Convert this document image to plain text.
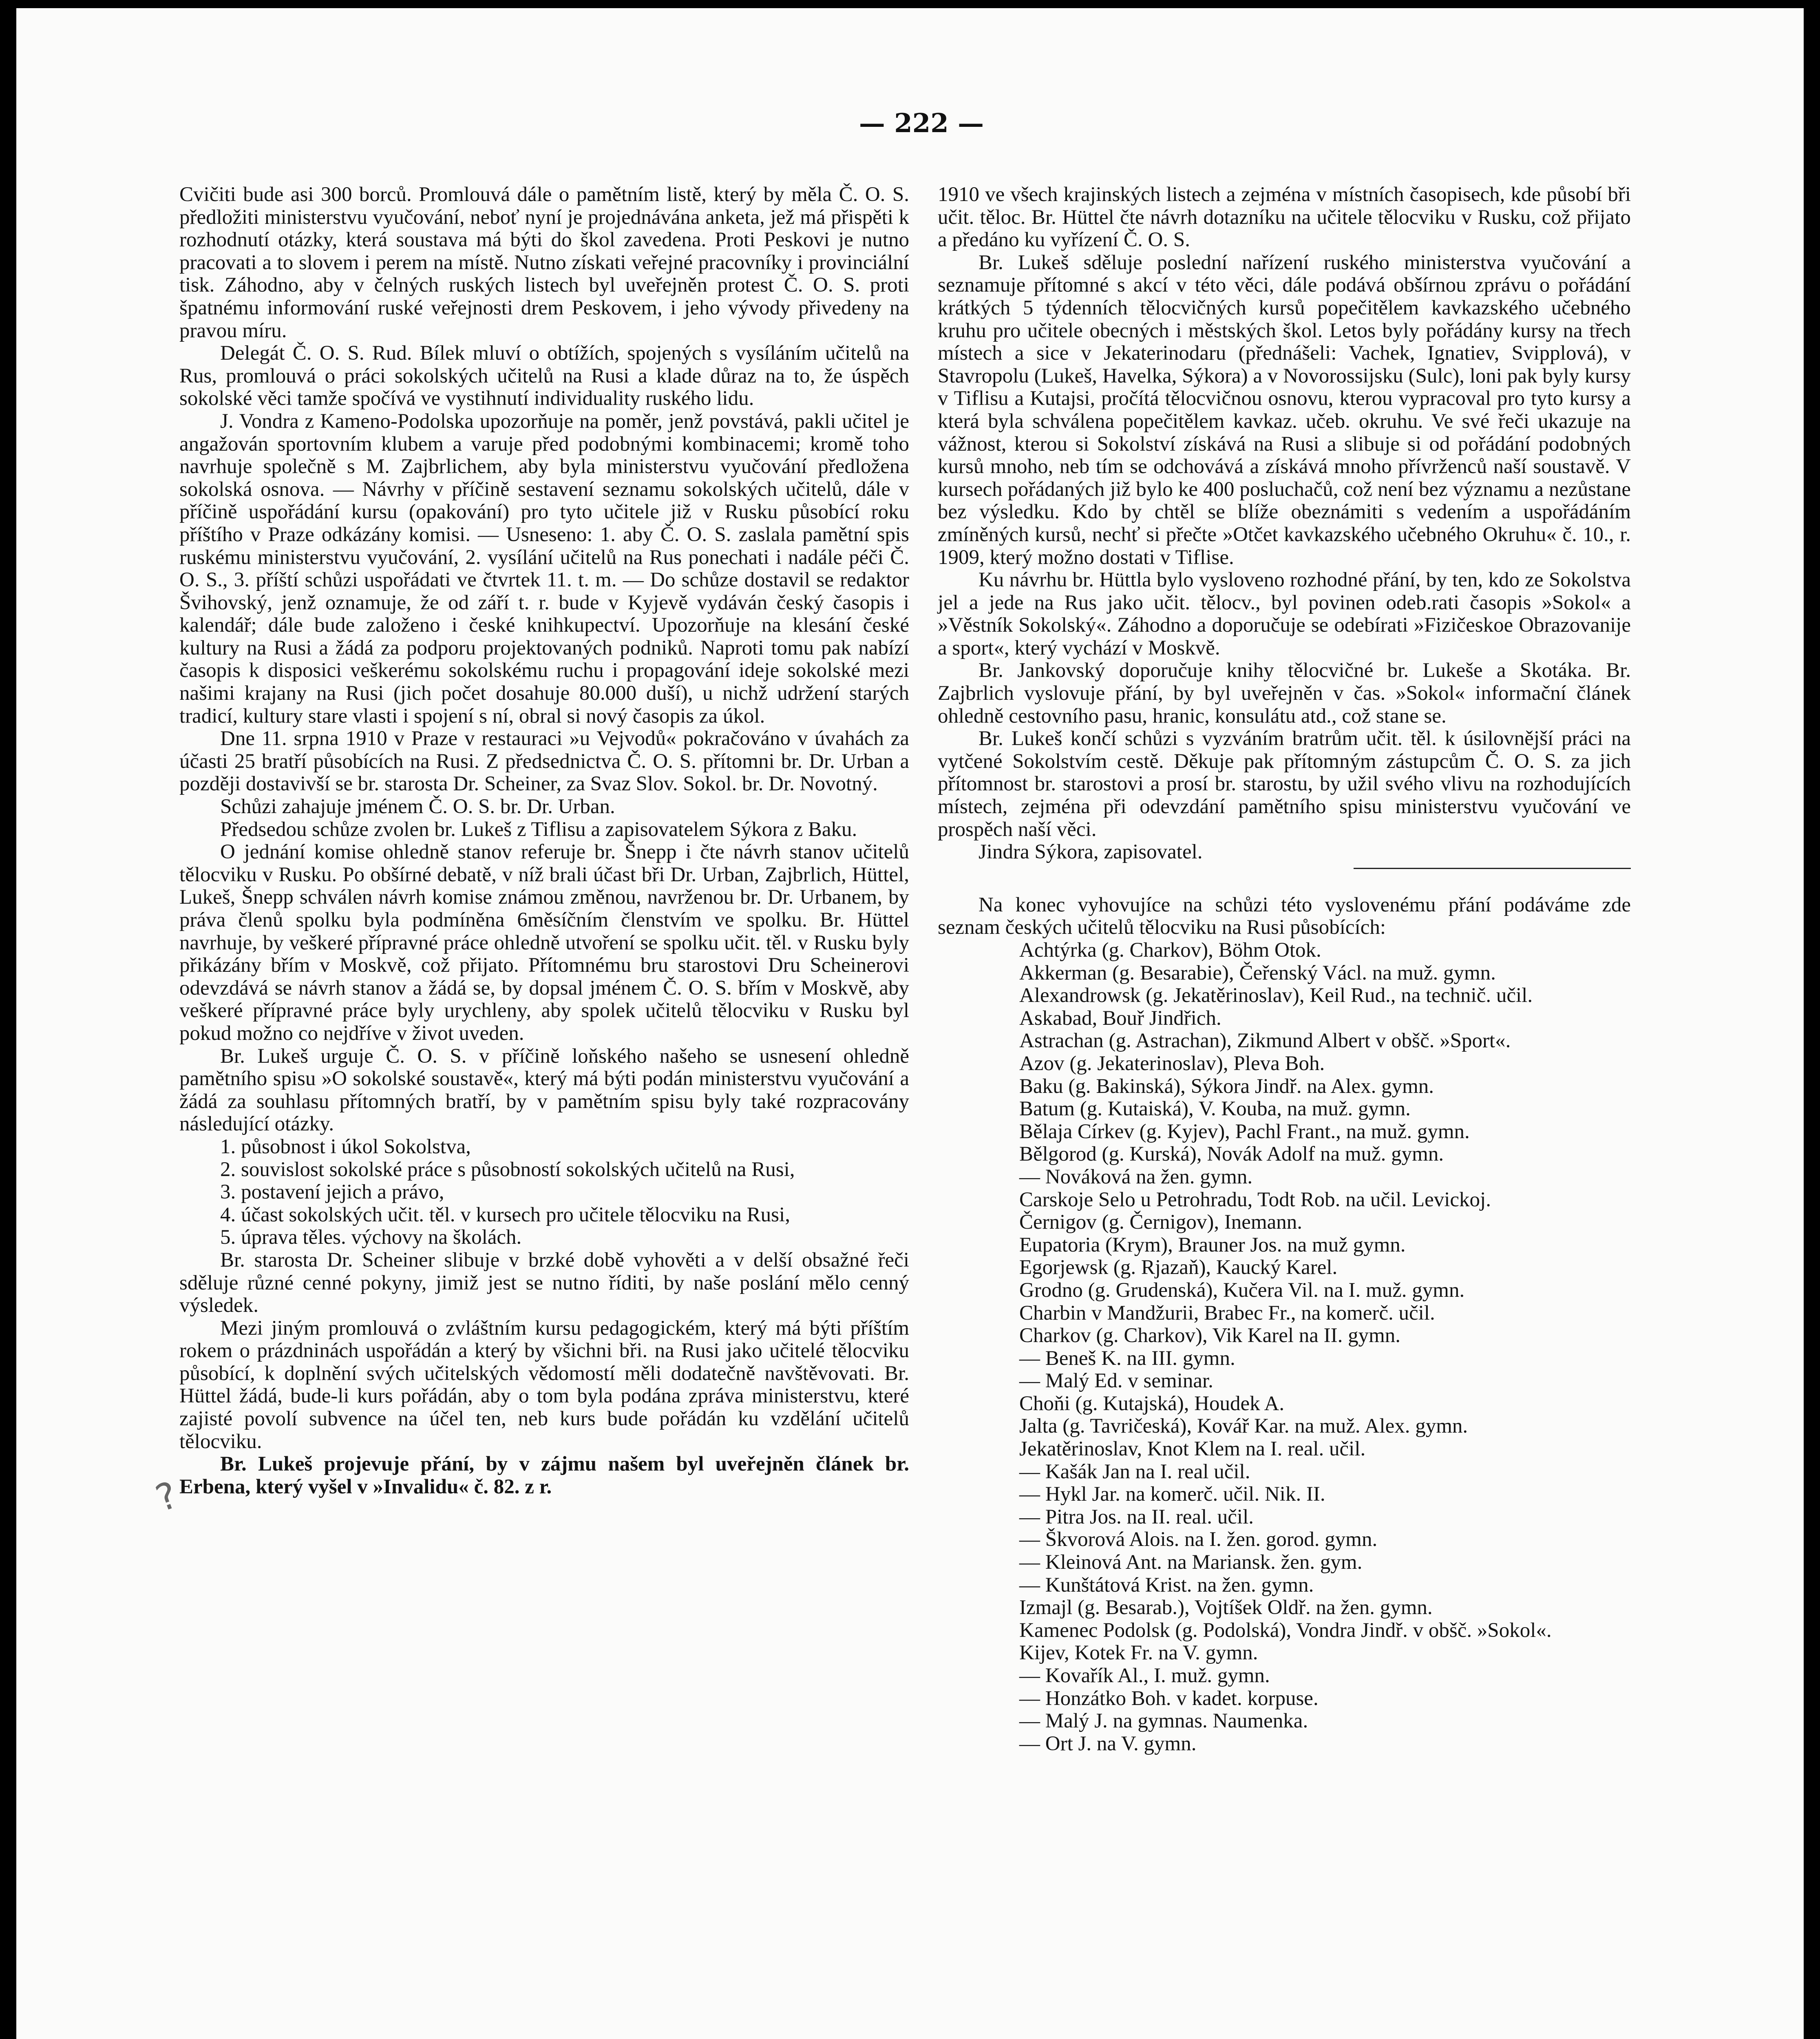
— 222 —
?

Cvičiti bude asi 300 borců. Promlouvá dále o pamětním listě, který by měla Č. O. S. předložiti ministerstvu vyučování, neboť nyní je projednávána anketa, jež má přispěti k rozhodnutí otázky, která soustava má býti do škol zavedena. Proti Peskovi je nutno pracovati a to slovem i perem na místě. Nutno získati veřejné pracovníky i provinciální tisk. Záhodno, aby v čelných ruských listech byl uveřejněn protest Č. O. S. proti špatnému informování ruské veřejnosti drem Peskovem, i jeho vývody přivedeny na pravou míru.

Delegát Č. O. S. Rud. Bílek mluví o obtížích, spojených s vysíláním učitelů na Rus, promlouvá o práci sokolských učitelů na Rusi a klade důraz na to, že úspěch sokolské věci tamže spočívá ve vystihnutí individuality ruského lidu.

J. Vondra z Kameno-Podolska upozorňuje na poměr, jenž povstává, pakli učitel je angažován sportovním klubem a varuje před podobnými kombinacemi; kromě toho navrhuje společně s M. Zajbrlichem, aby byla ministerstvu vyučování předložena sokolská osnova. — Návrhy v příčině sestavení seznamu sokolských učitelů, dále v příčině uspořádání kursu (opakování) pro tyto učitele již v Rusku působící roku příštího v Praze odkázány komisi. — Usneseno: 1. aby Č. O. S. zaslala pamětní spis ruskému ministerstvu vyučování, 2. vysílání učitelů na Rus ponechati i nadále péči Č. O. S., 3. příští schůzi uspořádati ve čtvrtek 11. t. m. — Do schůze dostavil se redaktor Švihovský, jenž oznamuje, že od září t. r. bude v Kyjevě vydáván český časopis i kalendář; dále bude založeno i české knihkupectví. Upozorňuje na klesání české kultury na Rusi a žádá za podporu projektovaných podniků. Naproti tomu pak nabízí časopis k disposici veškerému sokolskému ruchu i propagování ideje sokolské mezi našimi krajany na Rusi (jich počet dosahuje 80.000 duší), u nichž udržení starých tradicí, kultury stare vlasti i spojení s ní, obral si nový časopis za úkol.

Dne 11. srpna 1910 v Praze v restauraci »u Vejvodů« pokračováno v úvahách za účasti 25 bratří působících na Rusi. Z předsednictva Č. O. S. přítomni br. Dr. Urban a později dostavivší se br. starosta Dr. Scheiner, za Svaz Slov. Sokol. br. Dr. Novotný.

Schůzi zahajuje jménem Č. O. S. br. Dr. Urban.

Předsedou schůze zvolen br. Lukeš z Tiflisu a zapisovatelem Sýkora z Baku.

O jednání komise ohledně stanov referuje br. Šnepp i čte návrh stanov učitelů tělocviku v Rusku. Po obšírné debatě, v níž brali účast bři Dr. Urban, Zajbrlich, Hüttel, Lukeš, Šnepp schválen návrh komise známou změnou, navrženou br. Dr. Urbanem, by práva členů spolku byla podmíněna 6měsíčním členstvím ve spolku. Br. Hüttel navrhuje, by veškeré přípravné práce ohledně utvoření se spolku učit. těl. v Rusku byly přikázány břím v Moskvě, což přijato. Přítomnému bru starostovi Dru Scheinerovi odevzdává se návrh stanov a žádá se, by dopsal jménem Č. O. S. břím v Moskvě, aby veškeré přípravné práce byly urychleny, aby spolek učitelů tělocviku v Rusku byl pokud možno co nejdříve v život uveden.

Br. Lukeš urguje Č. O. S. v příčině loňského našeho se usnesení ohledně pamětního spisu »O sokolské soustavě«, který má býti podán ministerstvu vyučování a žádá za souhlasu přítomných bratří, by v pamětním spisu byly také rozpracovány následující otázky.

1. působnost i úkol Sokolstva,

2. souvislost sokolské práce s působností sokolských učitelů na Rusi,

3. postavení jejich a právo,

4. účast sokolských učit. těl. v kursech pro učitele tělocviku na Rusi,

5. úprava těles. výchovy na školách.

Br. starosta Dr. Scheiner slibuje v brzké době vyhověti a v delší obsažné řeči sděluje různé cenné pokyny, jimiž jest se nutno říditi, by naše poslání mělo cenný výsledek.

Mezi jiným promlouvá o zvláštním kursu pedagogickém, který má býti příštím rokem o prázdninách uspořádán a který by všichni bři. na Rusi jako učitelé tělocviku působící, k doplnění svých učitelských vědomostí měli dodatečně navštěvovati. Br. Hüttel žádá, bude-li kurs pořádán, aby o tom byla podána zpráva ministerstvu, které zajisté povolí subvence na účel ten, neb kurs bude pořádán ku vzdělání učitelů tělocviku.

Br. Lukeš projevuje přání, by v zájmu našem byl uveřejněn článek br. Erbena, který vyšel v »Invalidu« č. 82. z r.

1910 ve všech krajinských listech a zejména v místních časopisech, kde působí bři učit. těloc. Br. Hüttel čte návrh dotazníku na učitele tělocviku v Rusku, což přijato a předáno ku vyřízení Č. O. S.

Br. Lukeš sděluje poslední nařízení ruského ministerstva vyučování a seznamuje přítomné s akcí v této věci, dále podává obšírnou zprávu o pořádání krátkých 5 týdenních tělocvičných kursů popečitělem kavkazského učebného kruhu pro učitele obecných i městských škol. Letos byly pořádány kursy na třech místech a sice v Jekaterinodaru (přednášeli: Vachek, Ignatiev, Svipplová), v Stavropolu (Lukeš, Havelka, Sýkora) a v Novorossijsku (Sulc), loni pak byly kursy v Tiflisu a Kutajsi, pročítá tělocvičnou osnovu, kterou vypracoval pro tyto kursy a která byla schválena popečitělem kavkaz. učeb. okruhu. Ve své řeči ukazuje na vážnost, kterou si Sokolství získává na Rusi a slibuje si od pořádání podobných kursů mnoho, neb tím se odchovává a získává mnoho přívrženců naší soustavě. V kursech pořádaných již bylo ke 400 posluchačů, což není bez významu a nezůstane bez výsledku. Kdo by chtěl se blíže obeznámiti s vedením a uspořádáním zmíněných kursů, nechť si přečte »Otčet kavkazského učebného Okruhu« č. 10., r. 1909, který možno dostati v Tiflise.

Ku návrhu br. Hüttla bylo vysloveno rozhodné přání, by ten, kdo ze Sokolstva jel a jede na Rus jako učit. tělocv., byl povinen odeb.rati časopis »Sokol« a »Věstník Sokolský«. Záhodno a doporučuje se odebírati »Fizičeskoe Obrazovanije a sport«, který vychází v Moskvě.

Br. Jankovský doporučuje knihy tělocvičné br. Lukeše a Skotáka. Br. Zajbrlich vyslovuje přání, by byl uveřejněn v čas. »Sokol« informační článek ohledně cestovního pasu, hranic, konsulátu atd., což stane se.

Br. Lukeš končí schůzi s vyzváním bratrům učit. těl. k úsilovnější práci na vytčené Sokolstvím cestě. Děkuje pak přítomným zástupcům Č. O. S. za jich přítomnost br. starostovi a prosí br. starostu, by užil svého vlivu na rozhodujících místech, zejména při odevzdání pamětního spisu ministerstvu vyučování ve prospěch naší věci.

Jindra Sýkora, zapisovatel.

Na konec vyhovujíce na schůzi této vyslovenému přání podáváme zde seznam českých učitelů tělocviku na Rusi působících:

Achtýrka (g. Charkov), Böhm Otok.

Akkerman (g. Besarabie), Čeřenský Václ. na muž. gymn.

Alexandrowsk (g. Jekatěrinoslav), Keil Rud., na technič. učil.

Askabad, Bouř Jindřich.

Astrachan (g. Astrachan), Zikmund Albert v obšč. »Sport«.

Azov (g. Jekaterinoslav), Pleva Boh.

Baku (g. Bakinská), Sýkora Jindř. na Alex. gymn.

Batum (g. Kutaiská), V. Kouba, na muž. gymn.

Bělaja Církev (g. Kyjev), Pachl Frant., na muž. gymn.

Bělgorod (g. Kurská), Novák Adolf na muž. gymn.

— Nováková na žen. gymn.

Carskoje Selo u Petrohradu, Todt Rob. na učil. Levickoj.

Černigov (g. Černigov), Inemann.

Eupatoria (Krym), Brauner Jos. na muž gymn.

Egorjewsk (g. Rjazaň), Kaucký Karel.

Grodno (g. Grudenská), Kučera Vil. na I. muž. gymn.

Charbin v Mandžurii, Brabec Fr., na komerč. učil.

Charkov (g. Charkov), Vik Karel na II. gymn.

— Beneš K. na III. gymn.

— Malý Ed. v seminar.

Choňi (g. Kutajská), Houdek A.

Jalta (g. Tavričeská), Kovář Kar. na muž. Alex. gymn.

Jekatěrinoslav, Knot Klem na I. real. učil.

— Kašák Jan na I. real učil.

— Hykl Jar. na komerč. učil. Nik. II.

— Pitra Jos. na II. real. učil.

— Škvorová Alois. na I. žen. gorod. gymn.

— Kleinová Ant. na Mariansk. žen. gym.

— Kunštátová Krist. na žen. gymn.

Izmajl (g. Besarab.), Vojtíšek Oldř. na žen. gymn.

Kamenec Podolsk (g. Podolská), Vondra Jindř. v obšč. »Sokol«.

Kijev, Kotek Fr. na V. gymn.

— Kovařík Al., I. muž. gymn.

— Honzátko Boh. v kadet. korpuse.

— Malý J. na gymnas. Naumenka.

— Ort J. na V. gymn.
